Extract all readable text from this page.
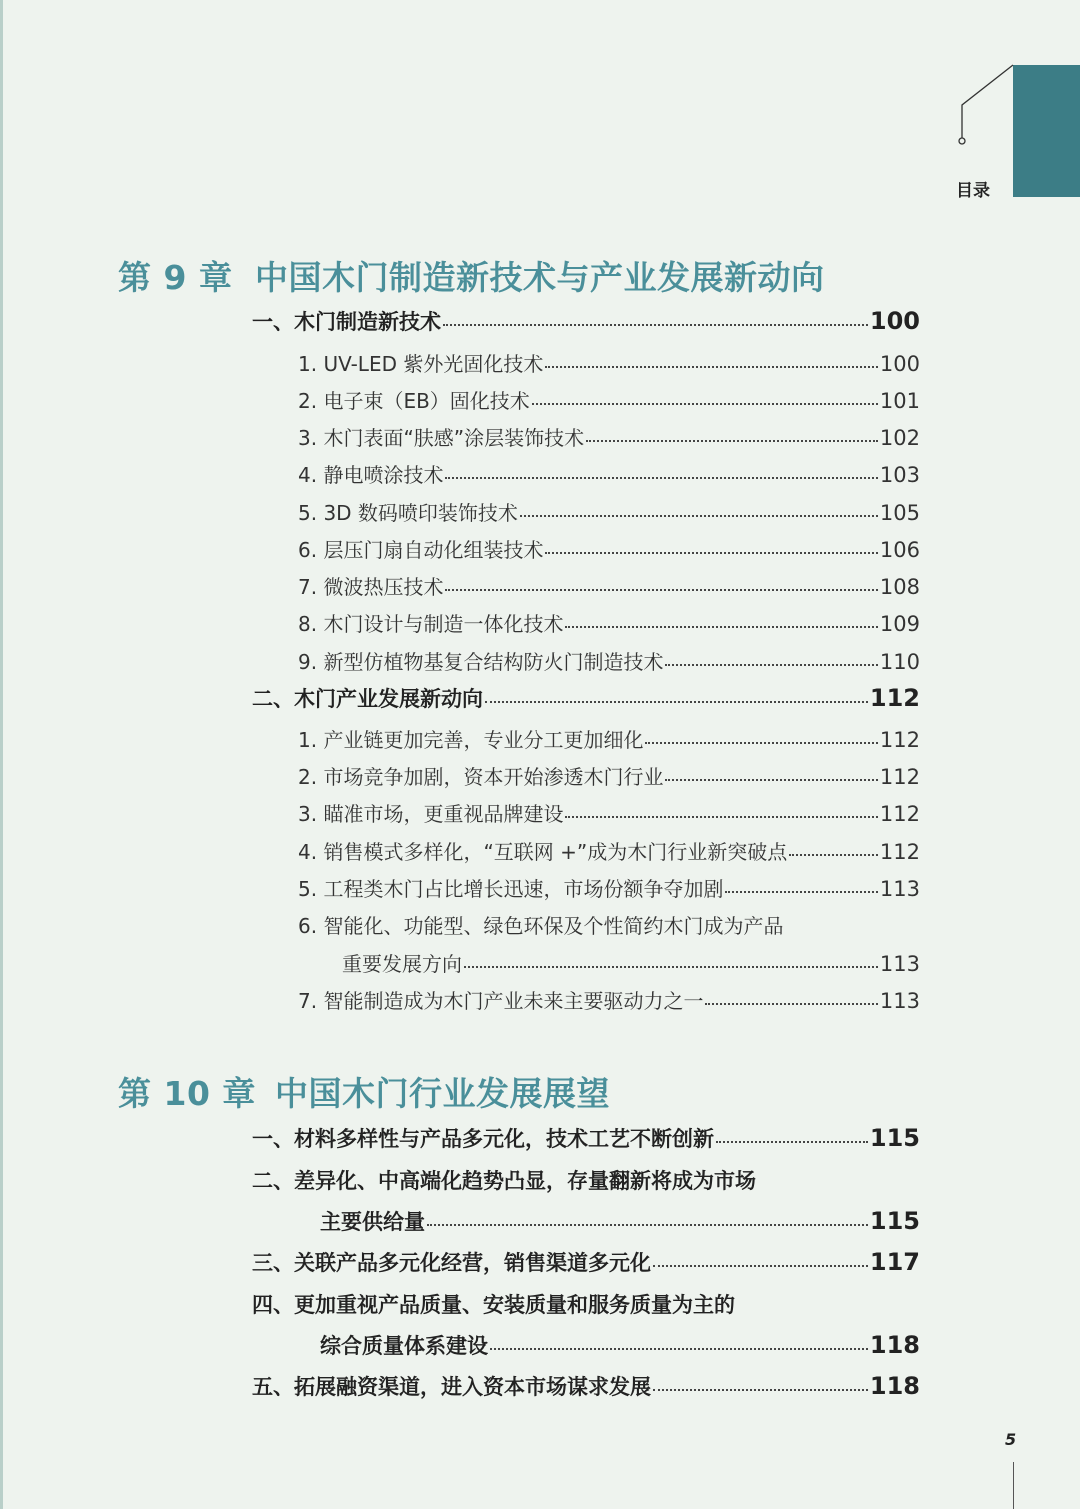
目录
第 9 章 中国木门制造新技术与产业发展新动向
一、木门制造新技术	100
1. UV-LED 紫外光固化技术	100
2. 电子束（EB）固化技术	101
3. 木门表面“肤感”涂层装饰技术	102
4. 静电喷涂技术	103
5. 3D 数码喷印装饰技术	105
6. 层压门扇自动化组装技术	106
7. 微波热压技术	108
8. 木门设计与制造一体化技术	109
9. 新型仿植物基复合结构防火门制造技术	110
二、木门产业发展新动向	112
1. 产业链更加完善，专业分工更加细化	112
2. 市场竞争加剧，资本开始渗透木门行业	112
3. 瞄准市场，更重视品牌建设	112
4. 销售模式多样化，“互联网 +”成为木门行业新突破点	112
5. 工程类木门占比增长迅速，市场份额争夺加剧	113
6. 智能化、功能型、绿色环保及个性简约木门成为产品
重要发展方向	113
7. 智能制造成为木门产业未来主要驱动力之一	113
第 10 章 中国木门行业发展展望
一、材料多样性与产品多元化，技术工艺不断创新	115
二、差异化、中高端化趋势凸显，存量翻新将成为市场
主要供给量	115
三、关联产品多元化经营，销售渠道多元化	117
四、更加重视产品质量、安装质量和服务质量为主的
综合质量体系建设	118
五、拓展融资渠道，进入资本市场谋求发展	118
5
